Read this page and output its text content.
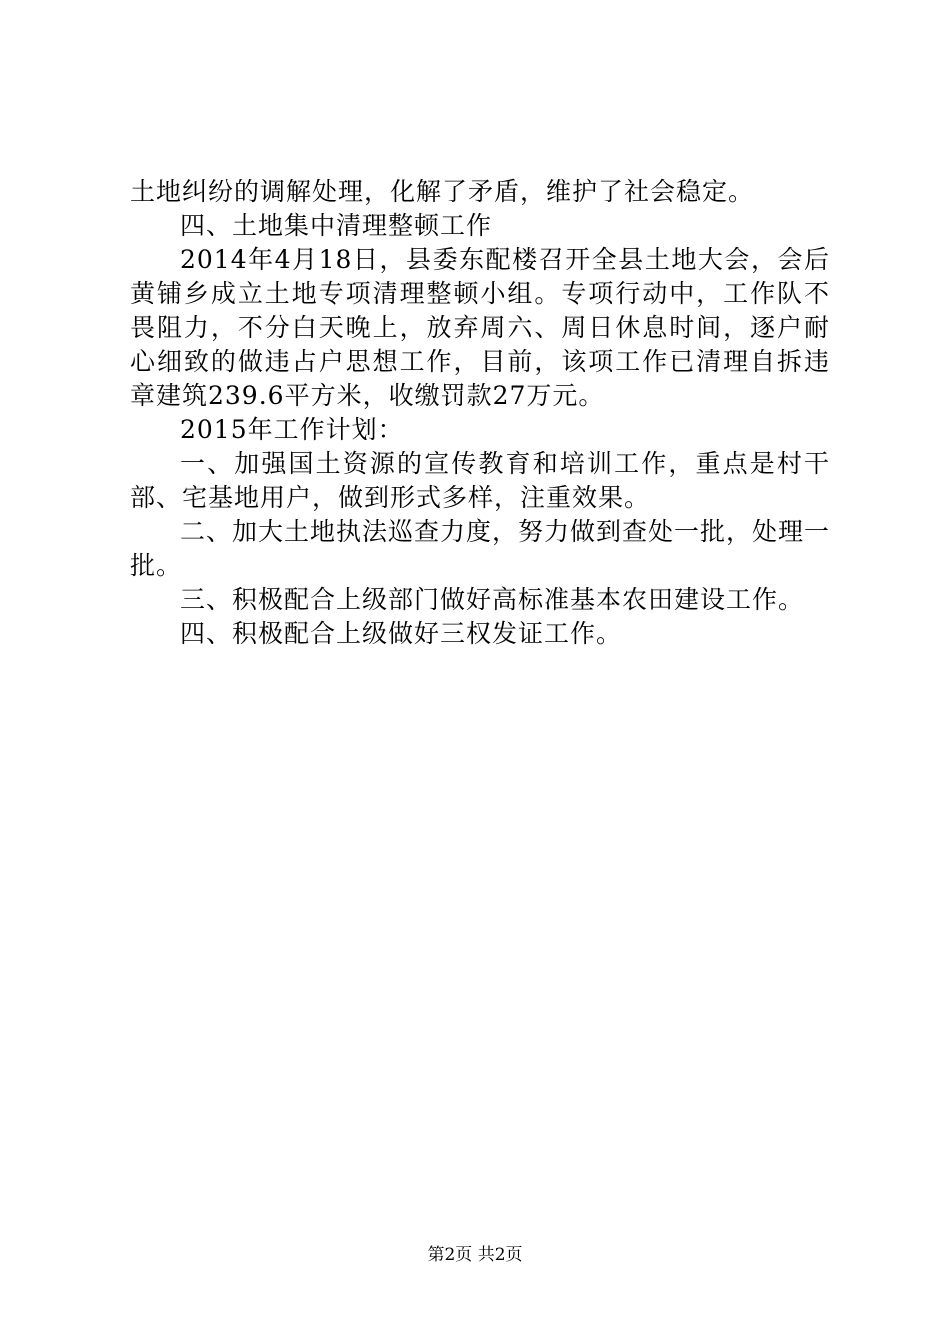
土地纠纷的调解处理，化解了矛盾，维护了社会稳定。

四、土地集中清理整顿工作

2014年4月18日，县委东配楼召开全县土地大会，会后黄铺乡成立土地专项清理整顿小组。专项行动中，工作队不畏阻力，不分白天晚上，放弃周六、周日休息时间，逐户耐心细致的做违占户思想工作，目前，该项工作已清理自拆违章建筑239.6平方米，收缴罚款27万元。

2015年工作计划：

一、加强国土资源的宣传教育和培训工作，重点是村干部、宅基地用户，做到形式多样，注重效果。

二、加大土地执法巡查力度，努力做到查处一批，处理一批。

三、积极配合上级部门做好高标准基本农田建设工作。

四、积极配合上级做好三权发证工作。

第2页 共2页
